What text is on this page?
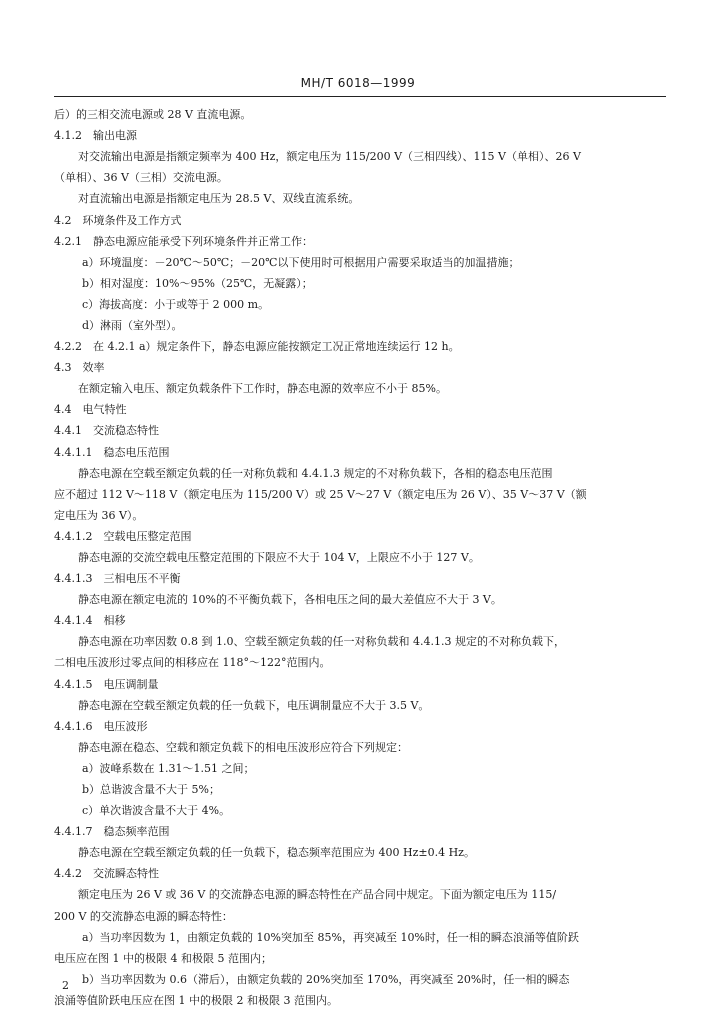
MH/T 6018—1999
后）的三相交流电源或 28 V 直流电源。
4.1.2　输出电源
对交流输出电源是指额定频率为 400 Hz，额定电压为 115/200 V（三相四线）、115 V（单相）、26 V
（单相）、36 V（三相）交流电源。
对直流输出电源是指额定电压为 28.5 V、双线直流系统。
4.2　环境条件及工作方式
4.2.1　静态电源应能承受下列环境条件并正常工作：
a）环境温度：－20℃～50℃；－20℃以下使用时可根据用户需要采取适当的加温措施；
b）相对湿度：10%～95%（25℃，无凝露）；
c）海拔高度：小于或等于 2 000 m。
d）淋雨（室外型）。
4.2.2　在 4.2.1 a）规定条件下，静态电源应能按额定工况正常地连续运行 12 h。
4.3　效率
在额定输入电压、额定负载条件下工作时，静态电源的效率应不小于 85%。
4.4　电气特性
4.4.1　交流稳态特性
4.4.1.1　稳态电压范围
静态电源在空载至额定负载的任一对称负载和 4.4.1.3 规定的不对称负载下，各相的稳态电压范围
应不超过 112 V～118 V（额定电压为 115/200 V）或 25 V～27 V（额定电压为 26 V）、35 V～37 V（额
定电压为 36 V）。
4.4.1.2　空载电压整定范围
静态电源的交流空载电压整定范围的下限应不大于 104 V，上限应不小于 127 V。
4.4.1.3　三相电压不平衡
静态电源在额定电流的 10%的不平衡负载下，各相电压之间的最大差值应不大于 3 V。
4.4.1.4　相移
静态电源在功率因数 0.8 到 1.0、空载至额定负载的任一对称负载和 4.4.1.3 规定的不对称负载下，
二相电压波形过零点间的相移应在 118°～122°范围内。
4.4.1.5　电压调制量
静态电源在空载至额定负载的任一负载下，电压调制量应不大于 3.5 V。
4.4.1.6　电压波形
静态电源在稳态、空载和额定负载下的相电压波形应符合下列规定：
a）波峰系数在 1.31～1.51 之间；
b）总谐波含量不大于 5%；
c）单次谐波含量不大于 4%。
4.4.1.7　稳态频率范围
静态电源在空载至额定负载的任一负载下，稳态频率范围应为 400 Hz±0.4 Hz。
4.4.2　交流瞬态特性
额定电压为 26 V 或 36 V 的交流静态电源的瞬态特性在产品合同中规定。下面为额定电压为 115/
200 V 的交流静态电源的瞬态特性：
a）当功率因数为 1，由额定负载的 10%突加至 85%，再突减至 10%时，任一相的瞬态浪涌等值阶跃
电压应在图 1 中的极限 4 和极限 5 范围内；
b）当功率因数为 0.6（滞后），由额定负载的 20%突加至 170%，再突减至 20%时，任一相的瞬态
浪涌等值阶跃电压应在图 1 中的极限 2 和极限 3 范围内。
2
